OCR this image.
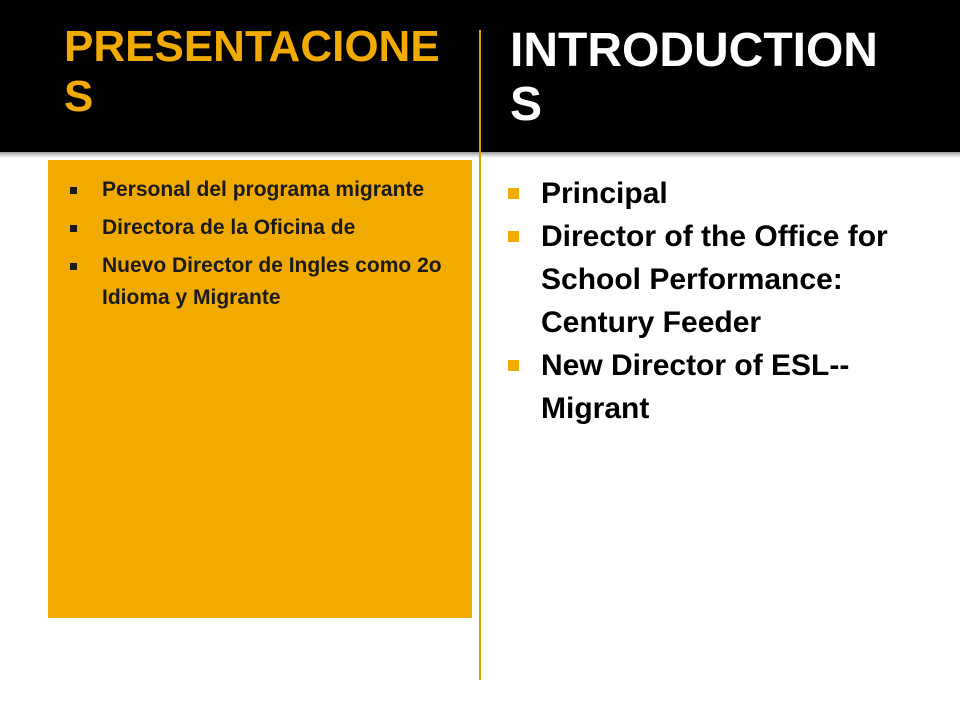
PRESENTACIONES
INTRODUCTIONS
Personal del programa migrante
Directora de la Oficina de
Nuevo Director de Ingles como 2o Idioma y Migrante
Principal
Director of the Office for School Performance: Century Feeder
New Director of ESL--Migrant
